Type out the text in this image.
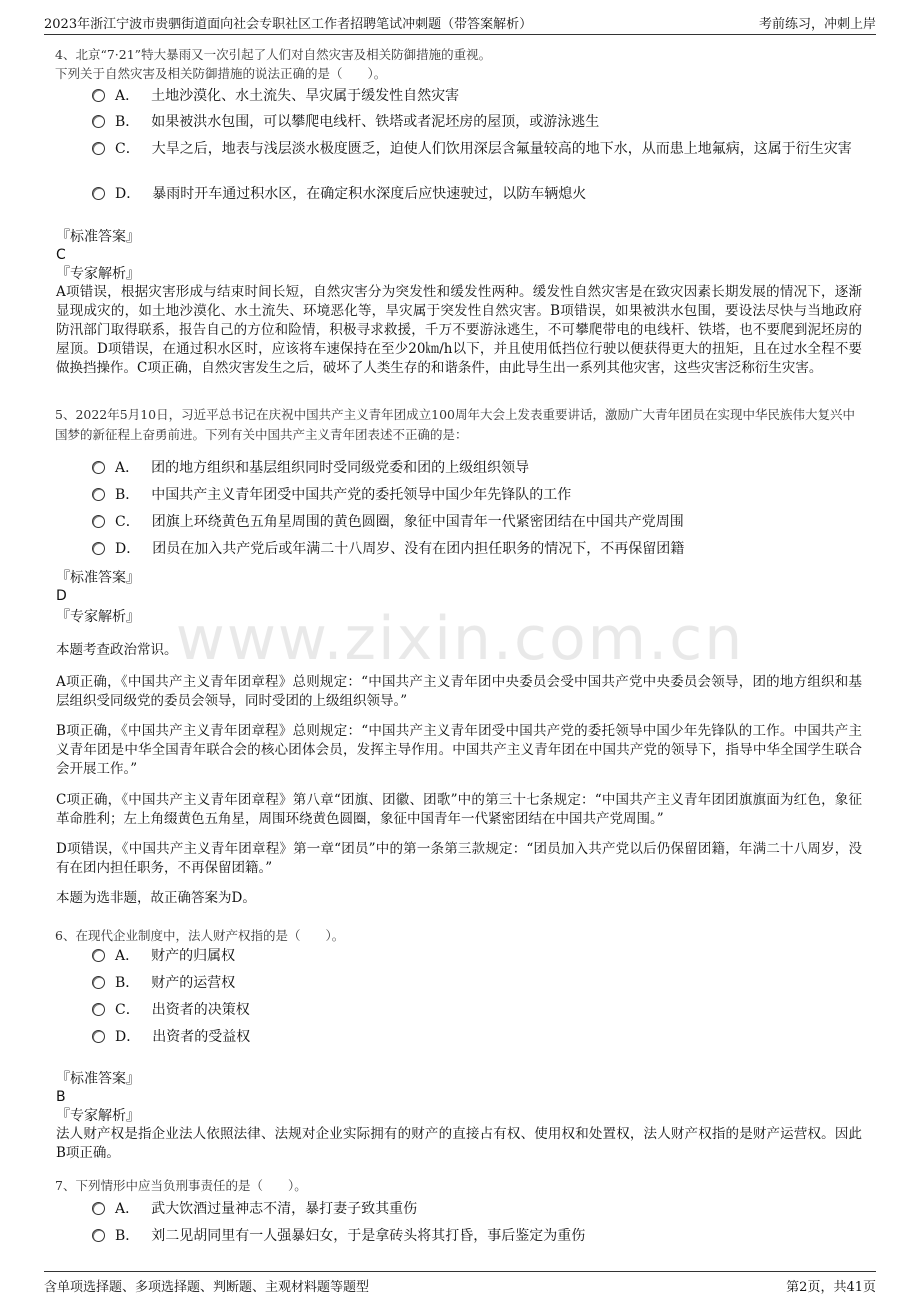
2023年浙江宁波市贵驷街道面向社会专职社区工作者招聘笔试冲刺题（带答案解析）	考前练习，冲刺上岸
www.zixin.com.cn
4、北京“7·21”特大暴雨又一次引起了人们对自然灾害及相关防御措施的重视。
下列关于自然灾害及相关防御措施的说法正确的是（　　）。
A． 土地沙漠化、水土流失、旱灾属于缓发性自然灾害
B． 如果被洪水包围，可以攀爬电线杆、铁塔或者泥坯房的屋顶，或游泳逃生
C． 大旱之后，地表与浅层淡水极度匮乏，迫使人们饮用深层含氟量较高的地下水，从而患上地氟病，这属于衍生灾害
D． 暴雨时开车通过积水区，在确定积水深度后应快速驶过，以防车辆熄火
『标准答案』
C
『专家解析』
A项错误，根据灾害形成与结束时间长短，自然灾害分为突发性和缓发性两种。缓发性自然灾害是在致灾因素长期发展的情况下，逐渐显现成灾的，如土地沙漠化、水土流失、环境恶化等，旱灾属于突发性自然灾害。B项错误，如果被洪水包围，要设法尽快与当地政府防汛部门取得联系，报告自己的方位和险情，积极寻求救援，千万不要游泳逃生，不可攀爬带电的电线杆、铁塔，也不要爬到泥坯房的屋顶。D项错误，在通过积水区时，应该将车速保持在至少20㎞/h以下，并且使用低挡位行驶以便获得更大的扭矩，且在过水全程不要做换挡操作。C项正确，自然灾害发生之后，破坏了人类生存的和谐条件，由此导生出一系列其他灾害，这些灾害泛称衍生灾害。
5、2022年5月10日，习近平总书记在庆祝中国共产主义青年团成立100周年大会上发表重要讲话，激励广大青年团员在实现中华民族伟大复兴中国梦的新征程上奋勇前进。下列有关中国共产主义青年团表述不正确的是：
A． 团的地方组织和基层组织同时受同级党委和团的上级组织领导
B． 中国共产主义青年团受中国共产党的委托领导中国少年先锋队的工作
C． 团旗上环绕黄色五角星周围的黄色圆圈，象征中国青年一代紧密团结在中国共产党周围
D． 团员在加入共产党后或年满二十八周岁、没有在团内担任职务的情况下，不再保留团籍
『标准答案』
D
『专家解析』
本题考查政治常识。
A项正确，《中国共产主义青年团章程》总则规定：“中国共产主义青年团中央委员会受中国共产党中央委员会领导，团的地方组织和基层组织受同级党的委员会领导，同时受团的上级组织领导。”
B项正确，《中国共产主义青年团章程》总则规定：“中国共产主义青年团受中国共产党的委托领导中国少年先锋队的工作。中国共产主义青年团是中华全国青年联合会的核心团体会员，发挥主导作用。中国共产主义青年团在中国共产党的领导下，指导中华全国学生联合会开展工作。”
C项正确，《中国共产主义青年团章程》第八章“团旗、团徽、团歌”中的第三十七条规定：“中国共产主义青年团团旗旗面为红色，象征革命胜利；左上角缀黄色五角星，周围环绕黄色圆圈，象征中国青年一代紧密团结在中国共产党周围。”
D项错误，《中国共产主义青年团章程》第一章“团员”中的第一条第三款规定：“团员加入共产党以后仍保留团籍，年满二十八周岁，没有在团内担任职务，不再保留团籍。”
本题为选非题，故正确答案为D。
6、在现代企业制度中，法人财产权指的是（　　）。
A． 财产的归属权
B． 财产的运营权
C． 出资者的决策权
D． 出资者的受益权
『标准答案』
B
『专家解析』
法人财产权是指企业法人依照法律、法规对企业实际拥有的财产的直接占有权、使用权和处置权，法人财产权指的是财产运营权。因此B项正确。
7、下列情形中应当负刑事责任的是（　　）。
A． 武大饮酒过量神志不清，暴打妻子致其重伤
B． 刘二见胡同里有一人强暴妇女，于是拿砖头将其打昏，事后鉴定为重伤
含单项选择题、多项选择题、判断题、主观材料题等题型	第2页，共41页
